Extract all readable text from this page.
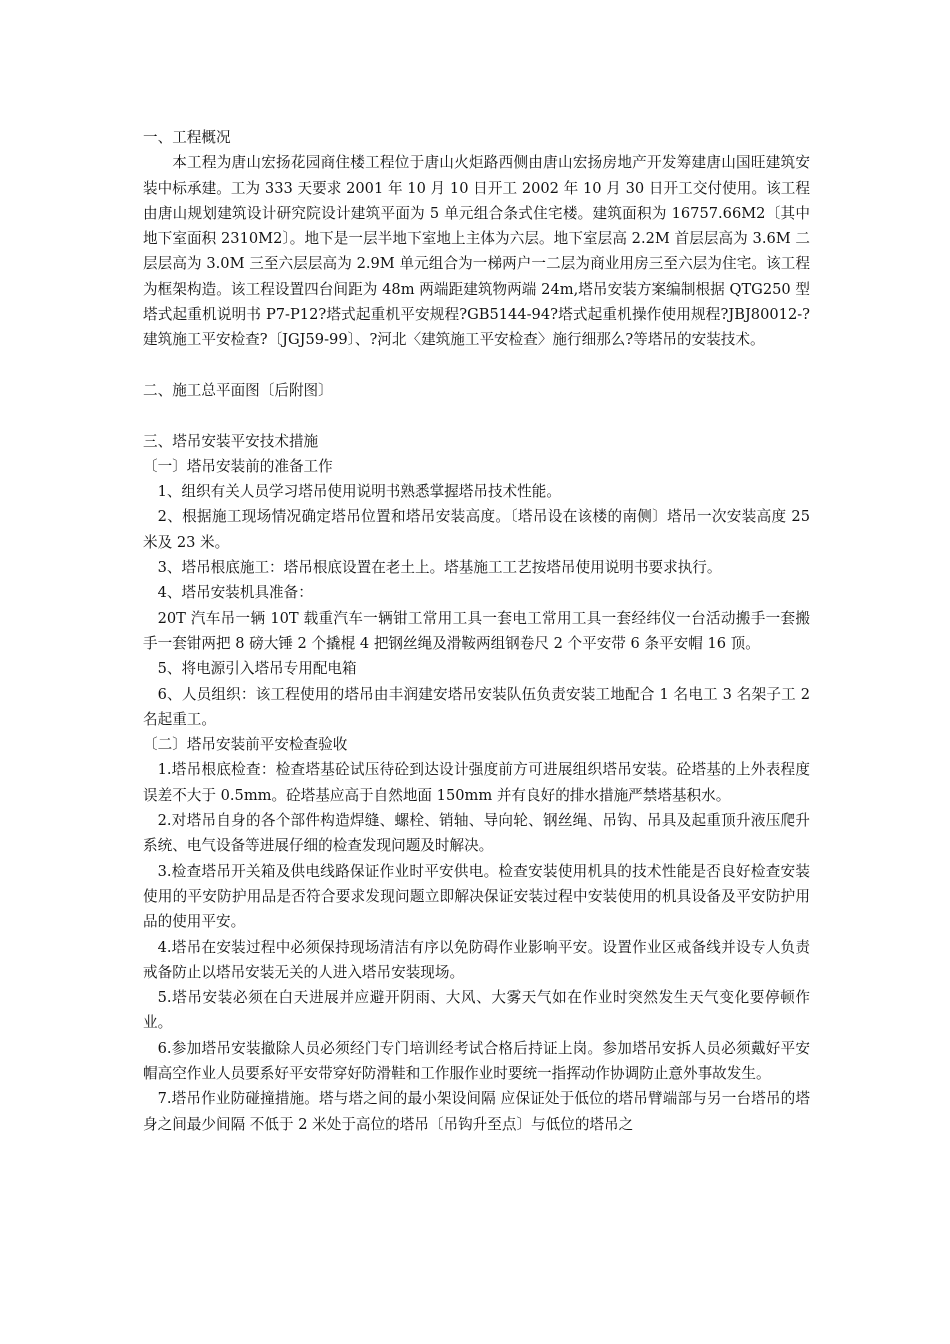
一、工程概况

本工程为唐山宏扬花园商住楼工程位于唐山火炬路西侧由唐山宏扬房地产开发筹建唐山国旺建筑安装中标承建。工为 333 天要求 2001 年 10 月 10 日开工 2002 年 10 月 30 日开工交付使用。该工程由唐山规划建筑设计研究院设计建筑平面为 5 单元组合条式住宅楼。建筑面积为 16757.66M2〔其中地下室面积 2310M2〕。地下是一层半地下室地上主体为六层。地下室层高 2.2M 首层层高为 3.6M 二层层高为 3.0M 三至六层层高为 2.9M 单元组合为一梯两户一二层为商业用房三至六层为住宅。该工程为框架构造。该工程设置四台间距为 48m 两端距建筑物两端 24m,塔吊安装方案编制根据 QTG250 型塔式起重机说明书 P7-P12?塔式起重机平安规程?GB5144-94?塔式起重机操作使用规程?JBJ80012-?建筑施工平安检查?〔JGJ59-99〕、?河北〈建筑施工平安检查〉施行细那么?等塔吊的安装技术。

二、施工总平面图〔后附图〕

三、塔吊安装平安技术措施

〔一〕塔吊安装前的准备工作

1、组织有关人员学习塔吊使用说明书熟悉掌握塔吊技术性能。

2、根据施工现场情况确定塔吊位置和塔吊安装高度。〔塔吊设在该楼的南侧〕塔吊一次安装高度 25 米及 23 米。

3、塔吊根底施工：塔吊根底设置在老土上。塔基施工工艺按塔吊使用说明书要求执行。

4、塔吊安装机具准备：

20T 汽车吊一辆 10T 载重汽车一辆钳工常用工具一套电工常用工具一套经纬仪一台活动搬手一套搬手一套钳两把 8 磅大锤 2 个撬棍 4 把钢丝绳及滑鞍两组钢卷尺 2 个平安带 6 条平安帽 16 顶。

5、将电源引入塔吊专用配电箱

6、人员组织：该工程使用的塔吊由丰润建安塔吊安装队伍负责安装工地配合 1 名电工 3 名架子工 2 名起重工。

〔二〕塔吊安装前平安检查验收

1.塔吊根底检查：检查塔基砼试压待砼到达设计强度前方可进展组织塔吊安装。砼塔基的上外表程度误差不大于 0.5mm。砼塔基应高于自然地面 150mm 并有良好的排水措施严禁塔基积水。

2.对塔吊自身的各个部件构造焊缝、螺栓、销轴、导向轮、钢丝绳、吊钩、吊具及起重顶升液压爬升系统、电气设备等进展仔细的检查发现问题及时解决。

3.检查塔吊开关箱及供电线路保证作业时平安供电。检查安装使用机具的技术性能是否良好检查安装使用的平安防护用品是否符合要求发现问题立即解决保证安装过程中安装使用的机具设备及平安防护用品的使用平安。

4.塔吊在安装过程中必须保持现场清洁有序以免防碍作业影响平安。设置作业区戒备线并设专人负责戒备防止以塔吊安装无关的人进入塔吊安装现场。

5.塔吊安装必须在白天进展并应避开阴雨、大风、大雾天气如在作业时突然发生天气变化要停顿作业。

6.参加塔吊安装撤除人员必须经门专门培训经考试合格后持证上岗。参加塔吊安拆人员必须戴好平安帽高空作业人员要系好平安带穿好防滑鞋和工作服作业时要统一指挥动作协调防止意外事故发生。

7.塔吊作业防碰撞措施。塔与塔之间的最小架设间隔 应保证处于低位的塔吊臂端部与另一台塔吊的塔身之间最少间隔 不低于 2 米处于高位的塔吊〔吊钩升至点〕与低位的塔吊之
